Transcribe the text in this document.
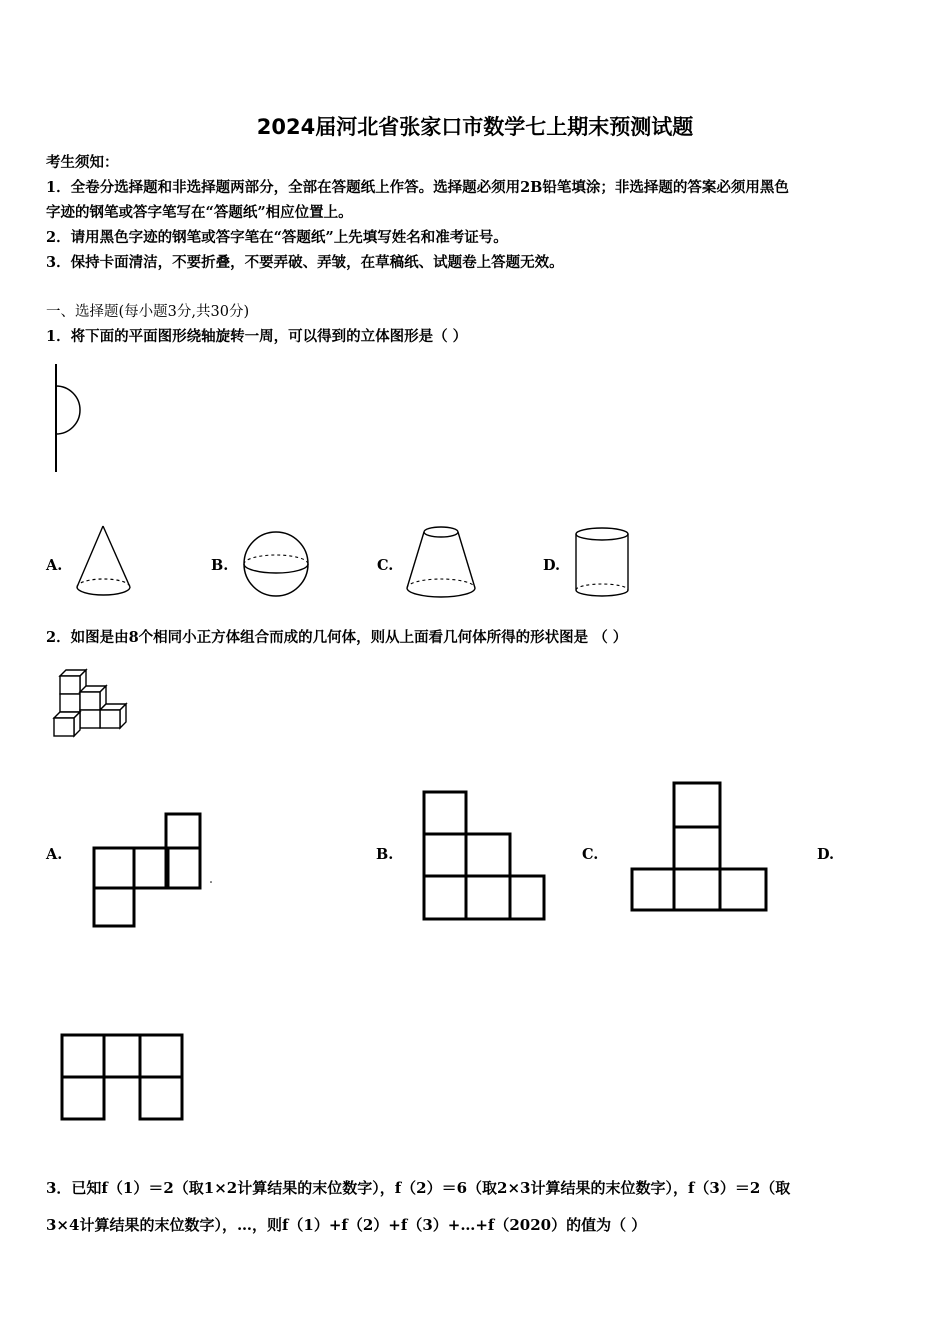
2024届河北省张家口市数学七上期末预测试题
考生须知：
1．全卷分选择题和非选择题两部分，全部在答题纸上作答。选择题必须用2B铅笔填涂；非选择题的答案必须用黑色
字迹的钢笔或答字笔写在“答题纸”相应位置上。
2．请用黑色字迹的钢笔或答字笔在“答题纸”上先填写姓名和准考证号。
3．保持卡面清洁，不要折叠，不要弄破、弄皱，在草稿纸、试题卷上答题无效。
一、选择题(每小题3分,共30分)
1．将下面的平面图形绕轴旋转一周，可以得到的立体图形是（ ）
A.	B.	C.	D.
2．如图是由8个相同小正方体组合而成的几何体，则从上面看几何体所得的形状图是 （ ）
A.	B.	C.	D.
3．已知f（1）＝2（取1×2计算结果的末位数字），f（2）＝6（取2×3计算结果的末位数字），f（3）＝2（取
3×4计算结果的末位数字），…，则f（1）+f（2）+f（3）+…+f（2020）的值为（ ）
